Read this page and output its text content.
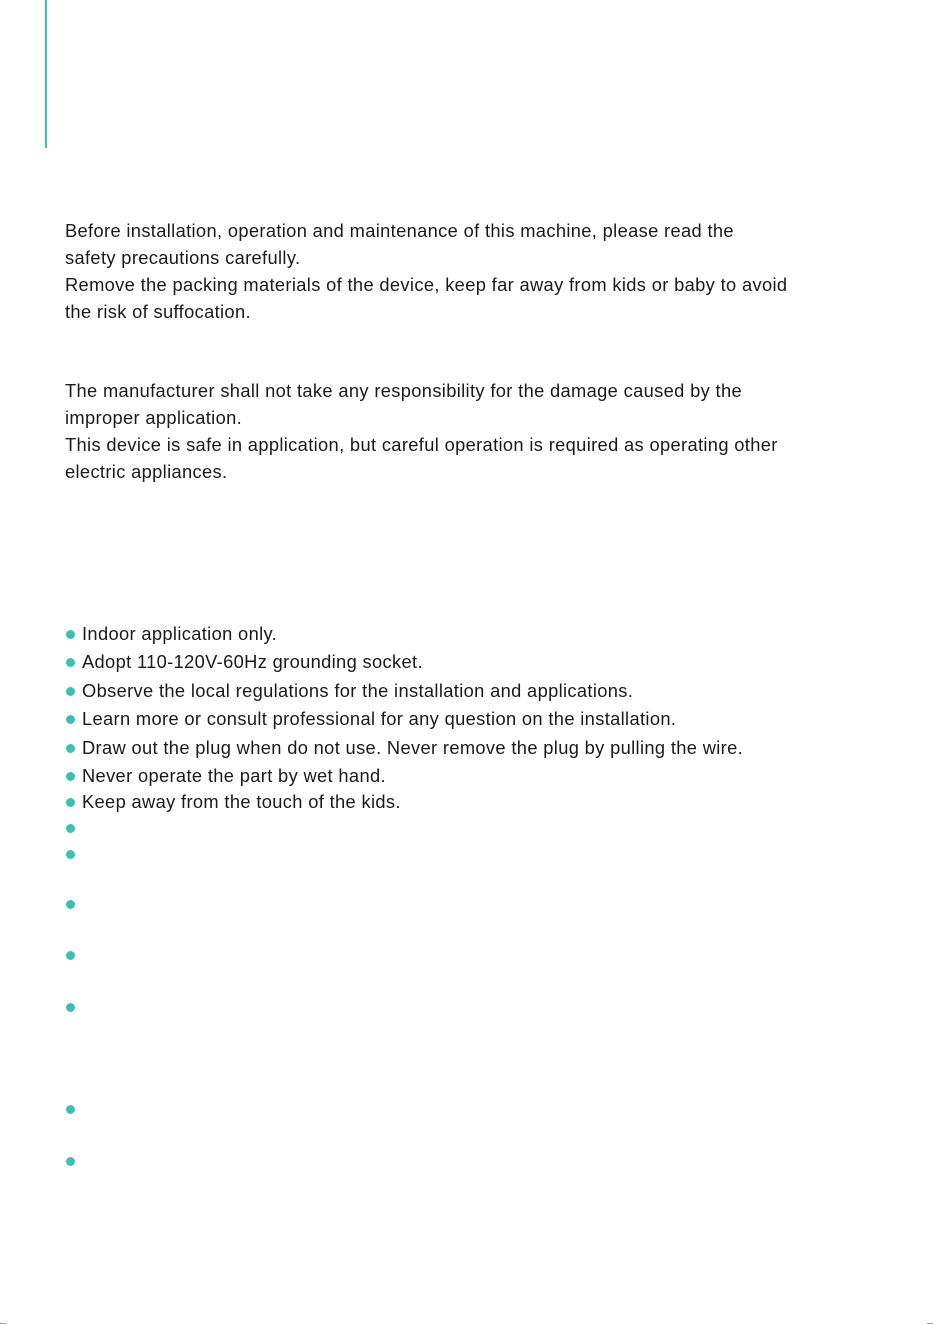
Before installation, operation and maintenance of this machine, please read the
safety precautions carefully.
Remove the packing materials of the device, keep far away from kids or baby to avoid
the risk of suffocation.
The manufacturer shall not take any responsibility for the damage caused by the
improper application.
This device is safe in application, but careful operation is required as operating other
electric appliances.
Indoor application only.
Adopt 110-120V-60Hz grounding socket.
Observe the local regulations for the installation and applications.
Learn more or consult professional for any question on the installation.
Draw out the plug when do not use. Never remove the plug by pulling the wire.
Never operate the part by wet hand.
Keep away from the touch of the kids.
